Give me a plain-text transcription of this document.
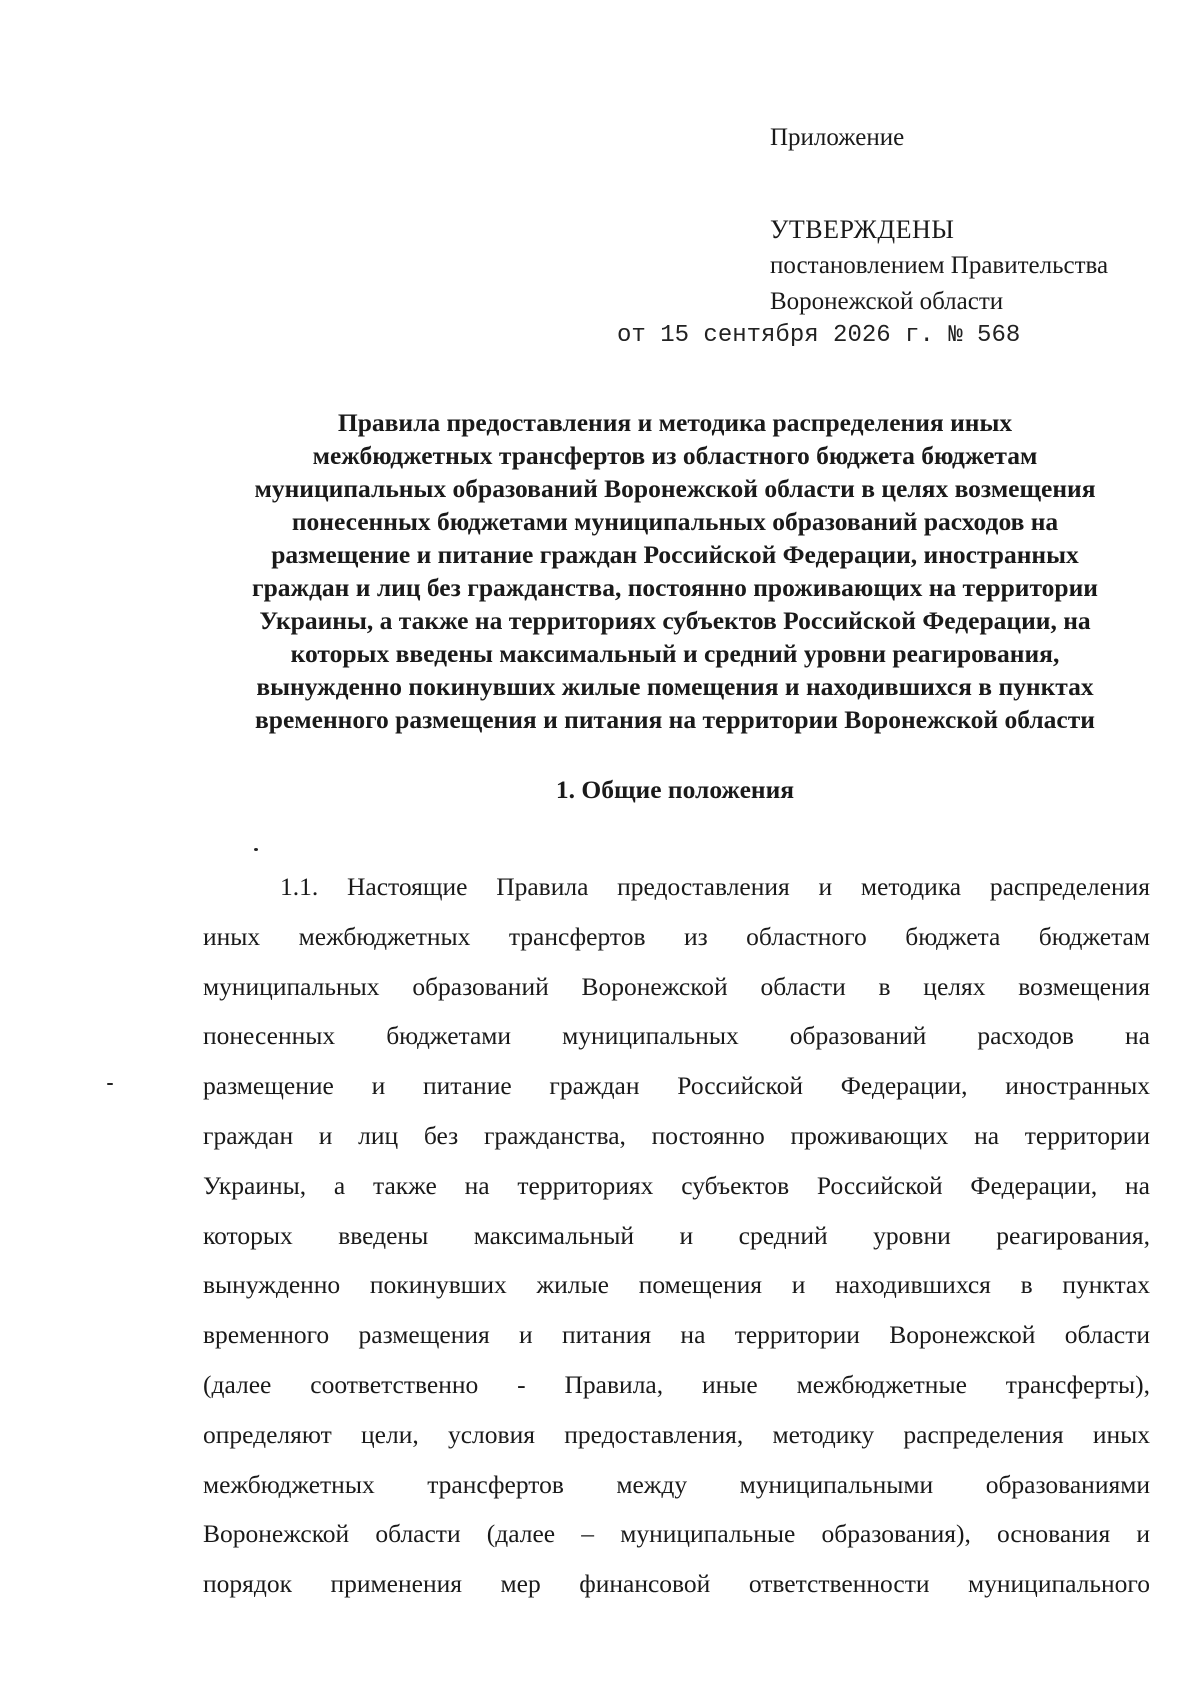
Приложение
УТВЕРЖДЕНЫ
постановлением Правительства
Воронежской области
от 15 сентября 2026 г. № 568
Правила предоставления и методика распределения иных
межбюджетных трансфертов из областного бюджета бюджетам
муниципальных образований Воронежской области в целях возмещения
понесенных бюджетами муниципальных образований расходов на
размещение и питание граждан Российской Федерации, иностранных
граждан и лиц без гражданства, постоянно проживающих на территории
Украины, а также на территориях субъектов Российской Федерации, на
которых введены максимальный и средний уровни реагирования,
вынужденно покинувших жилые помещения и находившихся в пунктах
временного размещения и питания на территории Воронежской области
1. Общие положения
1.1. Настоящие Правила предоставления и методика распределения
иных межбюджетных трансфертов из областного бюджета бюджетам
муниципальных образований Воронежской области в целях возмещения
понесенных бюджетами муниципальных образований расходов на
размещение и питание граждан Российской Федерации, иностранных
граждан и лиц без гражданства, постоянно проживающих на территории
Украины, а также на территориях субъектов Российской Федерации, на
которых введены максимальный и средний уровни реагирования,
вынужденно покинувших жилые помещения и находившихся в пунктах
временного размещения и питания на территории Воронежской области
(далее соответственно - Правила, иные межбюджетные трансферты),
определяют цели, условия предоставления, методику распределения иных
межбюджетных трансфертов между муниципальными образованиями
Воронежской области (далее – муниципальные образования), основания и
порядок применения мер финансовой ответственности муниципального
